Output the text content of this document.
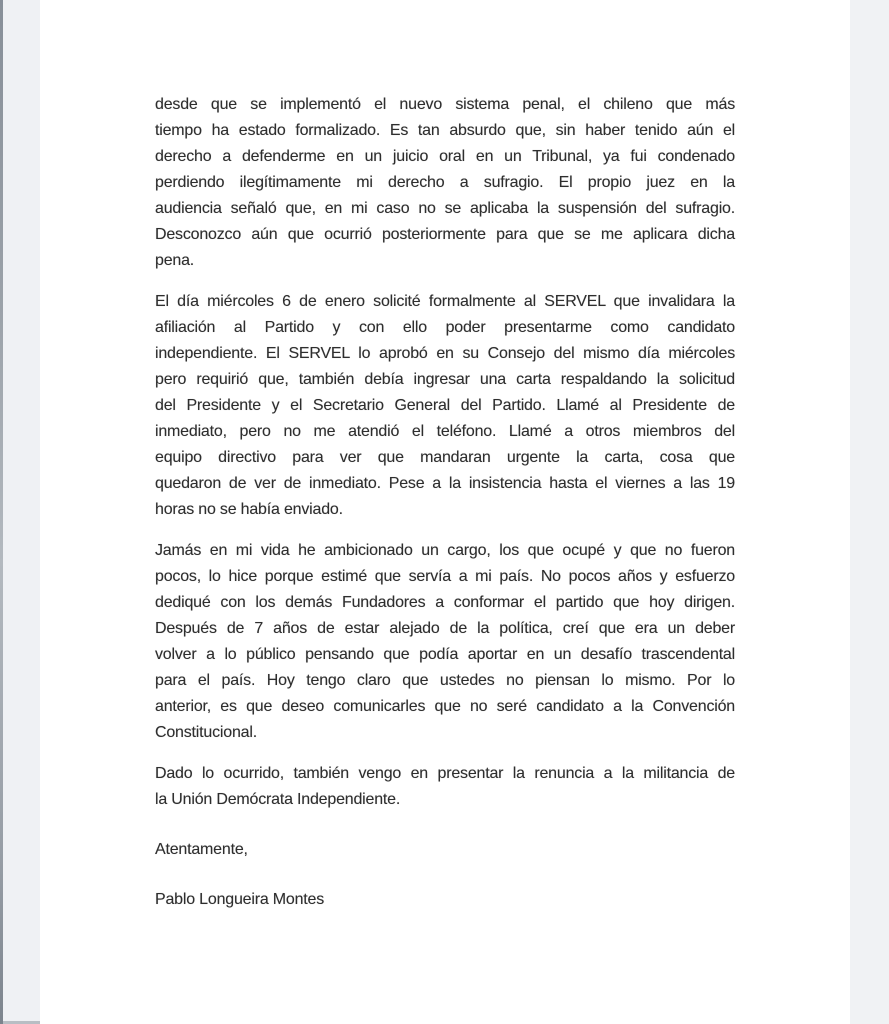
desde que se implementó el nuevo sistema penal, el chileno que más
tiempo ha estado formalizado. Es tan absurdo que, sin haber tenido aún el
derecho a defenderme en un juicio oral en un Tribunal, ya fui condenado
perdiendo ilegítimamente mi derecho a sufragio. El propio juez en la
audiencia señaló que, en mi caso no se aplicaba la suspensión del sufragio.
Desconozco aún que ocurrió posteriormente para que se me aplicara dicha
pena.
El día miércoles 6 de enero solicité formalmente al SERVEL que invalidara la
afiliación al Partido y con ello poder presentarme como candidato
independiente. El SERVEL lo aprobó en su Consejo del mismo día miércoles
pero requirió que, también debía ingresar una carta respaldando la solicitud
del Presidente y el Secretario General del Partido. Llamé al Presidente de
inmediato, pero no me atendió el teléfono. Llamé a otros miembros del
equipo directivo para ver que mandaran urgente la carta, cosa que
quedaron de ver de inmediato. Pese a la insistencia hasta el viernes a las 19
horas no se había enviado.
Jamás en mi vida he ambicionado un cargo, los que ocupé y que no fueron
pocos, lo hice porque estimé que servía a mi país. No pocos años y esfuerzo
dediqué con los demás Fundadores a conformar el partido que hoy dirigen.
Después de 7 años de estar alejado de la política, creí que era un deber
volver a lo público pensando que podía aportar en un desafío trascendental
para el país. Hoy tengo claro que ustedes no piensan lo mismo. Por lo
anterior, es que deseo comunicarles que no seré candidato a la Convención
Constitucional.
Dado lo ocurrido, también vengo en presentar la renuncia a la militancia de
la Unión Demócrata Independiente.
Atentamente,
Pablo Longueira Montes
